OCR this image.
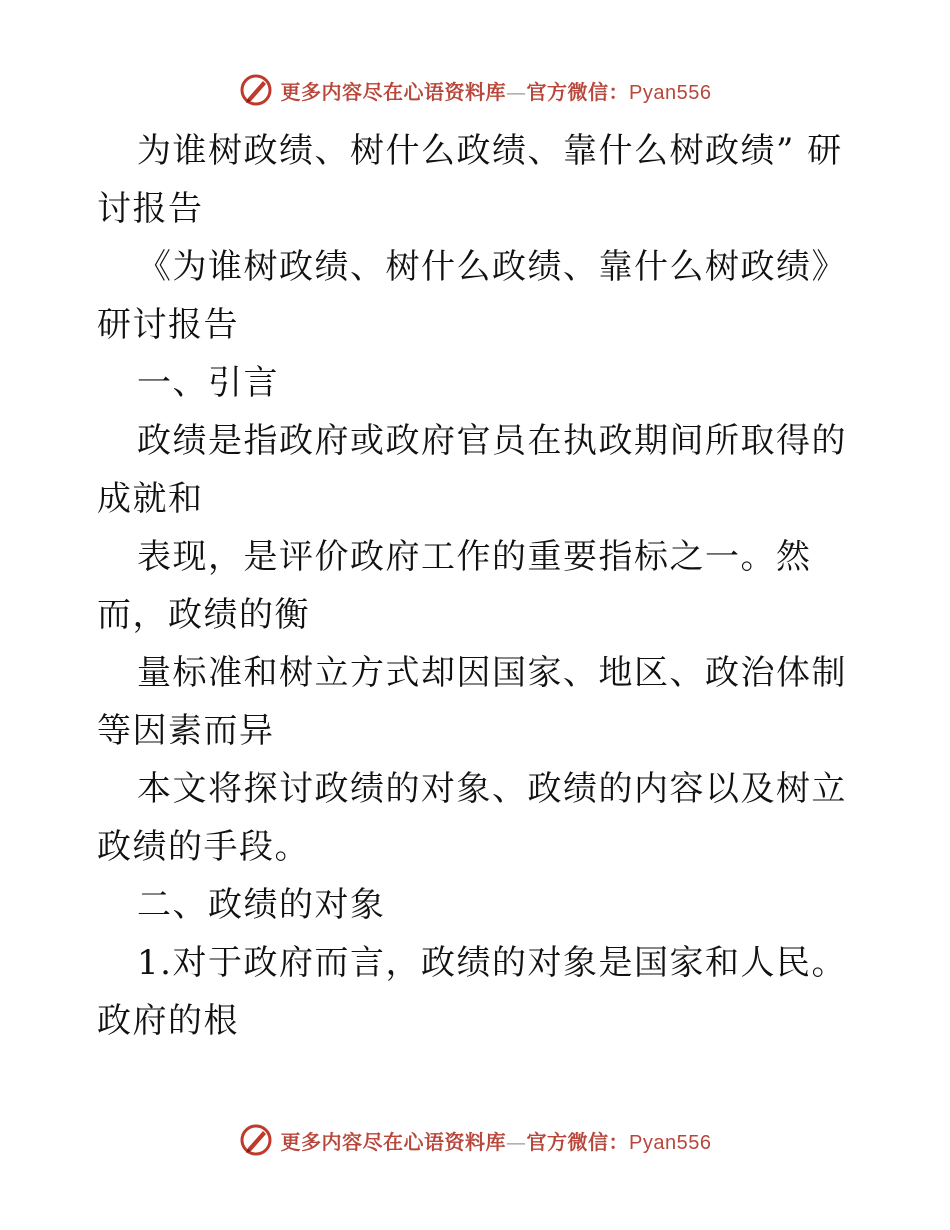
更多内容尽在心语资料库—官方微信：Pyan556

为谁树政绩、树什么政绩、靠什么树政绩” 研讨报告

《为谁树政绩、树什么政绩、靠什么树政绩》研讨报告

一、引言

政绩是指政府或政府官员在执政期间所取得的成就和

表现，是评价政府工作的重要指标之一。然而，政绩的衡

量标准和树立方式却因国家、地区、政治体制等因素而异

本文将探讨政绩的对象、政绩的内容以及树立政绩的手段。

二、政绩的对象

1.对于政府而言，政绩的对象是国家和人民。政府的根

更多内容尽在心语资料库—官方微信：Pyan556
